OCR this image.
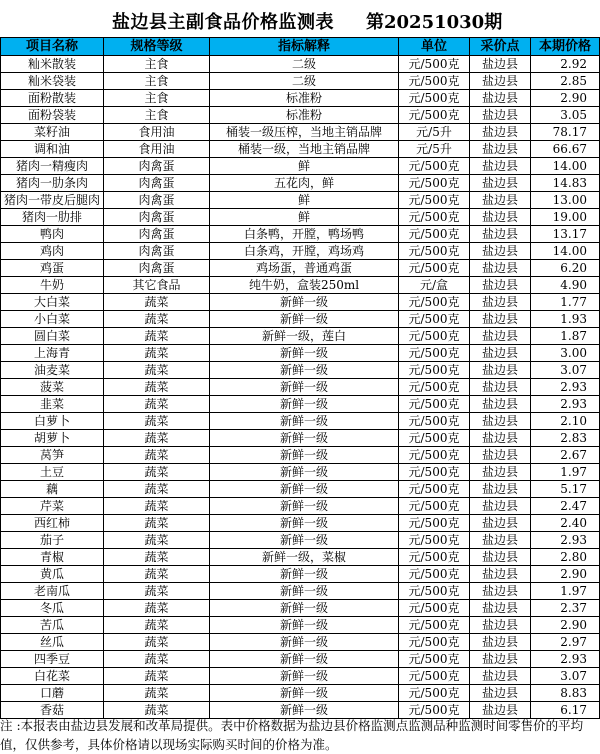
盐边县主副食品价格监测表 第20251030期
项目名称	规格等级	指标解释	单位	采价点	本期价格
籼米散装	主食	二级	元/500克	盐边县	2.92
籼米袋装	主食	二级	元/500克	盐边县	2.85
面粉散装	主食	标准粉	元/500克	盐边县	2.90
面粉袋装	主食	标准粉	元/500克	盐边县	3.05
菜籽油	食用油	桶装一级压榨，当地主销品牌	元/5升	盐边县	78.17
调和油	食用油	桶装一级，当地主销品牌	元/5升	盐边县	66.67
猪肉一精瘦肉	肉禽蛋	鲜	元/500克	盐边县	14.00
猪肉一肋条肉	肉禽蛋	五花肉，鲜	元/500克	盐边县	14.83
猪肉一带皮后腿肉	肉禽蛋	鲜	元/500克	盐边县	13.00
猪肉一肋排	肉禽蛋	鲜	元/500克	盐边县	19.00
鸭肉	肉禽蛋	白条鸭，开膛，鸭场鸭	元/500克	盐边县	13.17
鸡肉	肉禽蛋	白条鸡，开膛，鸡场鸡	元/500克	盐边县	14.00
鸡蛋	肉禽蛋	鸡场蛋，普通鸡蛋	元/500克	盐边县	6.20
牛奶	其它食品	纯牛奶，盒装250ml	元/盒	盐边县	4.90
大白菜	蔬菜	新鲜一级	元/500克	盐边县	1.77
小白菜	蔬菜	新鲜一级	元/500克	盐边县	1.93
圆白菜	蔬菜	新鲜一级，莲白	元/500克	盐边县	1.87
上海青	蔬菜	新鲜一级	元/500克	盐边县	3.00
油麦菜	蔬菜	新鲜一级	元/500克	盐边县	3.07
菠菜	蔬菜	新鲜一级	元/500克	盐边县	2.93
韭菜	蔬菜	新鲜一级	元/500克	盐边县	2.93
白萝卜	蔬菜	新鲜一级	元/500克	盐边县	2.10
胡萝卜	蔬菜	新鲜一级	元/500克	盐边县	2.83
莴笋	蔬菜	新鲜一级	元/500克	盐边县	2.67
土豆	蔬菜	新鲜一级	元/500克	盐边县	1.97
藕	蔬菜	新鲜一级	元/500克	盐边县	5.17
芹菜	蔬菜	新鲜一级	元/500克	盐边县	2.47
西红柿	蔬菜	新鲜一级	元/500克	盐边县	2.40
茄子	蔬菜	新鲜一级	元/500克	盐边县	2.93
青椒	蔬菜	新鲜一级，菜椒	元/500克	盐边县	2.80
黄瓜	蔬菜	新鲜一级	元/500克	盐边县	2.90
老南瓜	蔬菜	新鲜一级	元/500克	盐边县	1.97
冬瓜	蔬菜	新鲜一级	元/500克	盐边县	2.37
苦瓜	蔬菜	新鲜一级	元/500克	盐边县	2.90
丝瓜	蔬菜	新鲜一级	元/500克	盐边县	2.97
四季豆	蔬菜	新鲜一级	元/500克	盐边县	2.93
白花菜	蔬菜	新鲜一级	元/500克	盐边县	3.07
口蘑	蔬菜	新鲜一级	元/500克	盐边县	8.83
香菇	蔬菜	新鲜一级	元/500克	盐边县	6.17
注 :本报表由盐边县发展和改革局提供。表中价格数据为盐边县价格监测点监测品种监测时间零售价的平均值，仅供参考，具体价格请以现场实际购买时间的价格为准。
